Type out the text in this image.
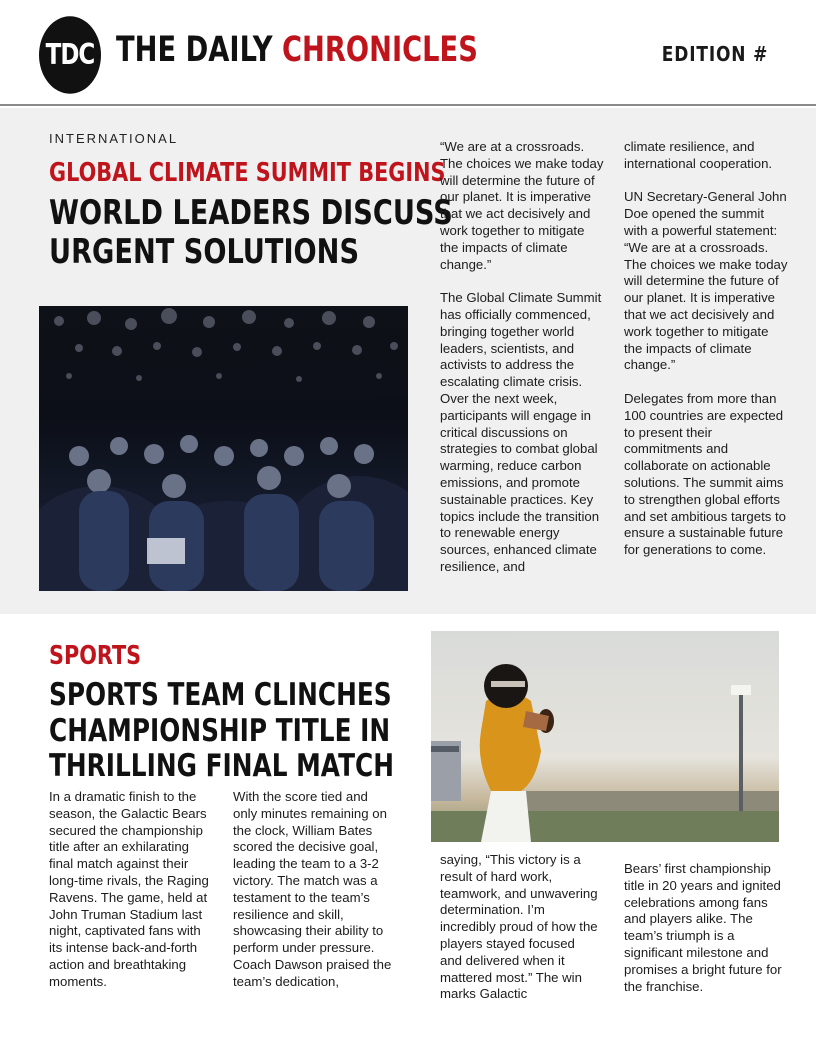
TDC THE DAILY CHRONICLES	EDITION #
INTERNATIONAL
GLOBAL CLIMATE SUMMIT BEGINS
WORLD LEADERS DISCUSS
URGENT SOLUTIONS

“We are at a crossroads. The choices we make today will determine the future of our planet. It is imperative that we act decisively and work together to mitigate the impacts of climate change.”

The Global Climate Summit has officially commenced, bringing together world leaders, scientists, and activists to address the escalating climate crisis. Over the next week, participants will engage in critical discussions on strategies to combat global warming, reduce carbon emissions, and promote sustainable practices. Key topics include the transition to renewable energy sources, enhanced climate resilience, and

climate resilience, and international cooperation.

UN Secretary-General John Doe opened the summit with a powerful statement: “We are at a crossroads. The choices we make today will determine the future of our planet. It is imperative that we act decisively and work together to mitigate the impacts of climate change.”

Delegates from more than 100 countries are expected to present their commitments and collaborate on actionable solutions. The summit aims to strengthen global efforts and set ambitious targets to ensure a sustainable future for generations to come.

SPORTS
SPORTS TEAM CLINCHES
CHAMPIONSHIP TITLE IN
THRILLING FINAL MATCH
In a dramatic finish to the season, the Galactic Bears secured the championship title after an exhilarating final match against their long-time rivals, the Raging Ravens. The game, held at John Truman Stadium last night, captivated fans with its intense back-and-forth action and breathtaking moments.
With the score tied and only minutes remaining on the clock, William Bates scored the decisive goal, leading the team to a 3-2 victory. The match was a testament to the team’s resilience and skill, showcasing their ability to perform under pressure. Coach Dawson praised the team’s dedication,
saying, “This victory is a result of hard work, teamwork, and unwavering determination. I’m incredibly proud of how the players stayed focused and delivered when it mattered most.” The win marks Galactic
Bears’ first championship title in 20 years and ignited celebrations among fans and players alike. The team’s triumph is a significant milestone and promises a bright future for the franchise.
